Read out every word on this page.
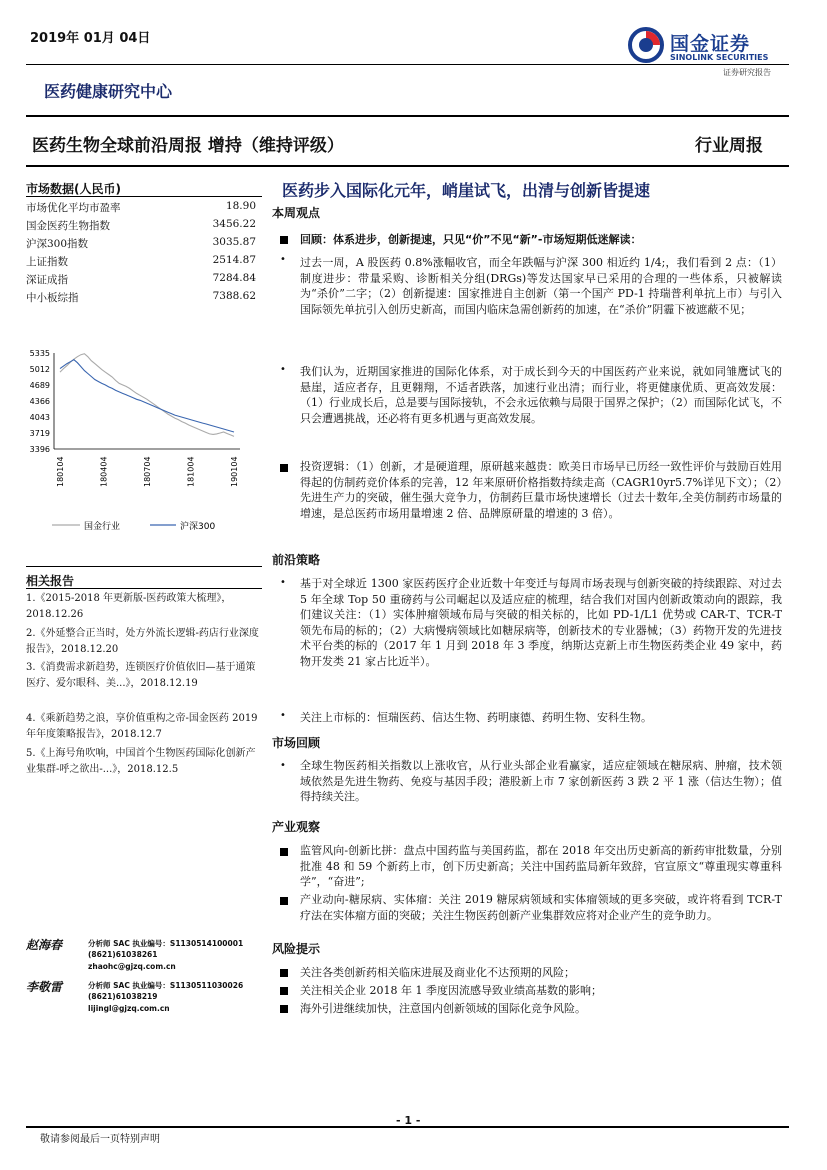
2019年 01月 04日	国金证券
SINOLINK SECURITIES
证券研究报告
医药健康研究中心
医药生物全球前沿周报 增持（维持评级）	行业周报
市场数据(人民币)
市场优化平均市盈率	18.90
国金医药生物指数	3456.22
沪深300指数	3035.87
上证指数	2514.87
深证成指	7284.84
中小板综指	7388.62
5335
5012
4689
4366
4043
3719
3396
180104	180404	180704	181004	190104
国金行业	沪深300
相关报告
1.《2015-2018 年更新版-医药政策大梳理》，2018.12.26
2.《外延整合正当时，处方外流长逻辑-药店行业深度报告》，2018.12.20
3.《消费需求新趋势，连锁医疗价值依旧—基于通策医疗、爱尔眼科、美...》，2018.12.19
4.《乘新趋势之浪，享价值重构之帝-国金医药 2019年年度策略报告》，2018.12.7
5.《上海号角吹响，中国首个生物医药国际化创新产业集群-呼之欲出-...》，2018.12.5
赵海春	分析师 SAC 执业编号：S1130514100001
(8621)61038261
zhaohc@gjzq.com.cn
李敬雷	分析师 SAC 执业编号：S1130511030026
(8621)61038219
lijingl@gjzq.com.cn
医药步入国际化元年，峭崖试飞，出清与创新皆提速
本周观点
回顾：体系进步，创新提速，只见“价”不见“新”-市场短期低迷解读：
•	过去一周，A 股医药 0.8%涨幅收官，而全年跌幅与沪深 300 相近约 1/4;，我们看到 2 点：（1）制度进步：带量采购、诊断相关分组(DRGs)等发达国家早已采用的合理的一些体系，只被解读为“杀价”二字；（2）创新提速：国家推进自主创新（第一个国产 PD-1 持瑞普利单抗上市）与引入国际领先单抗引入创历史新高，而国内临床急需创新药的加速，在“杀价”阴霾下被遮蔽不见；
•	我们认为，近期国家推进的国际化体系，对于成长到今天的中国医药产业来说，就如同雏鹰试飞的悬崖，适应者存，且更翱翔，不适者跌落，加速行业出清；而行业，将更健康优质、更高效发展：（1）行业成长后，总是要与国际接轨，不会永远依赖与局限于国界之保护；（2）而国际化试飞，不只会遭遇挑战，还必将有更多机遇与更高效发展。
投资逻辑：（1）创新，才是硬道理，原研越来越贵：欧美日市场早已历经一致性评价与鼓励百姓用得起的仿制药竞价体系的完善，12 年来原研价格指数持续走高（CAGR10yr5.7%详见下文）；（2）先进生产力的突破，催生强大竞争力，仿制药巨量市场快速增长（过去十数年,全美仿制药市场量的增速，是总医药市场用量增速 2 倍、品牌原研量的增速的 3 倍）。
前沿策略
•	基于对全球近 1300 家医药医疗企业近数十年变迁与每周市场表现与创新突破的持续跟踪、对过去 5 年全球 Top 50 重磅药与公司崛起以及适应症的梳理，结合我们对国内创新政策动向的跟踪，我们建议关注：（1）实体肿瘤领域布局与突破的相关标的，比如 PD-1/L1 优势或 CAR-T、TCR-T 领先布局的标的；（2）大病慢病领域比如糖尿病等，创新技术的专业器械；（3）药物开发的先进技术平台类的标的（2017 年 1 月到 2018 年 3 季度，纳斯达克新上市生物医药类企业 49 家中，药物开发类 21 家占比近半）。
•	关注上市标的：恒瑞医药、信达生物、药明康德、药明生物、安科生物。
市场回顾
•	全球生物医药相关指数以上涨收官，从行业头部企业看赢家，适应症领域在糖尿病、肿瘤，技术领域依然是先进生物药、免疫与基因手段；港股新上市 7 家创新医药 3 跌 2 平 1 涨（信达生物）；值得持续关注。
产业观察
监管风向-创新比拼：盘点中国药监与美国药监，都在 2018 年交出历史新高的新药审批数量，分别批准 48 和 59 个新药上市，创下历史新高；关注中国药监局新年致辞，官宣原文“尊重现实尊重科学”，“奋进”;
产业动向-糖尿病、实体瘤：关注 2019 糖尿病领域和实体瘤领域的更多突破，或许将看到 TCR-T 疗法在实体瘤方面的突破；关注生物医药创新产业集群效应将对企业产生的竞争助力。
风险提示
关注各类创新药相关临床进展及商业化不达预期的风险；
关注相关企业 2018 年 1 季度因流感导致业绩高基数的影响；
海外引进继续加快，注意国内创新领域的国际化竞争风险。
- 1 -
敬请参阅最后一页特别声明
